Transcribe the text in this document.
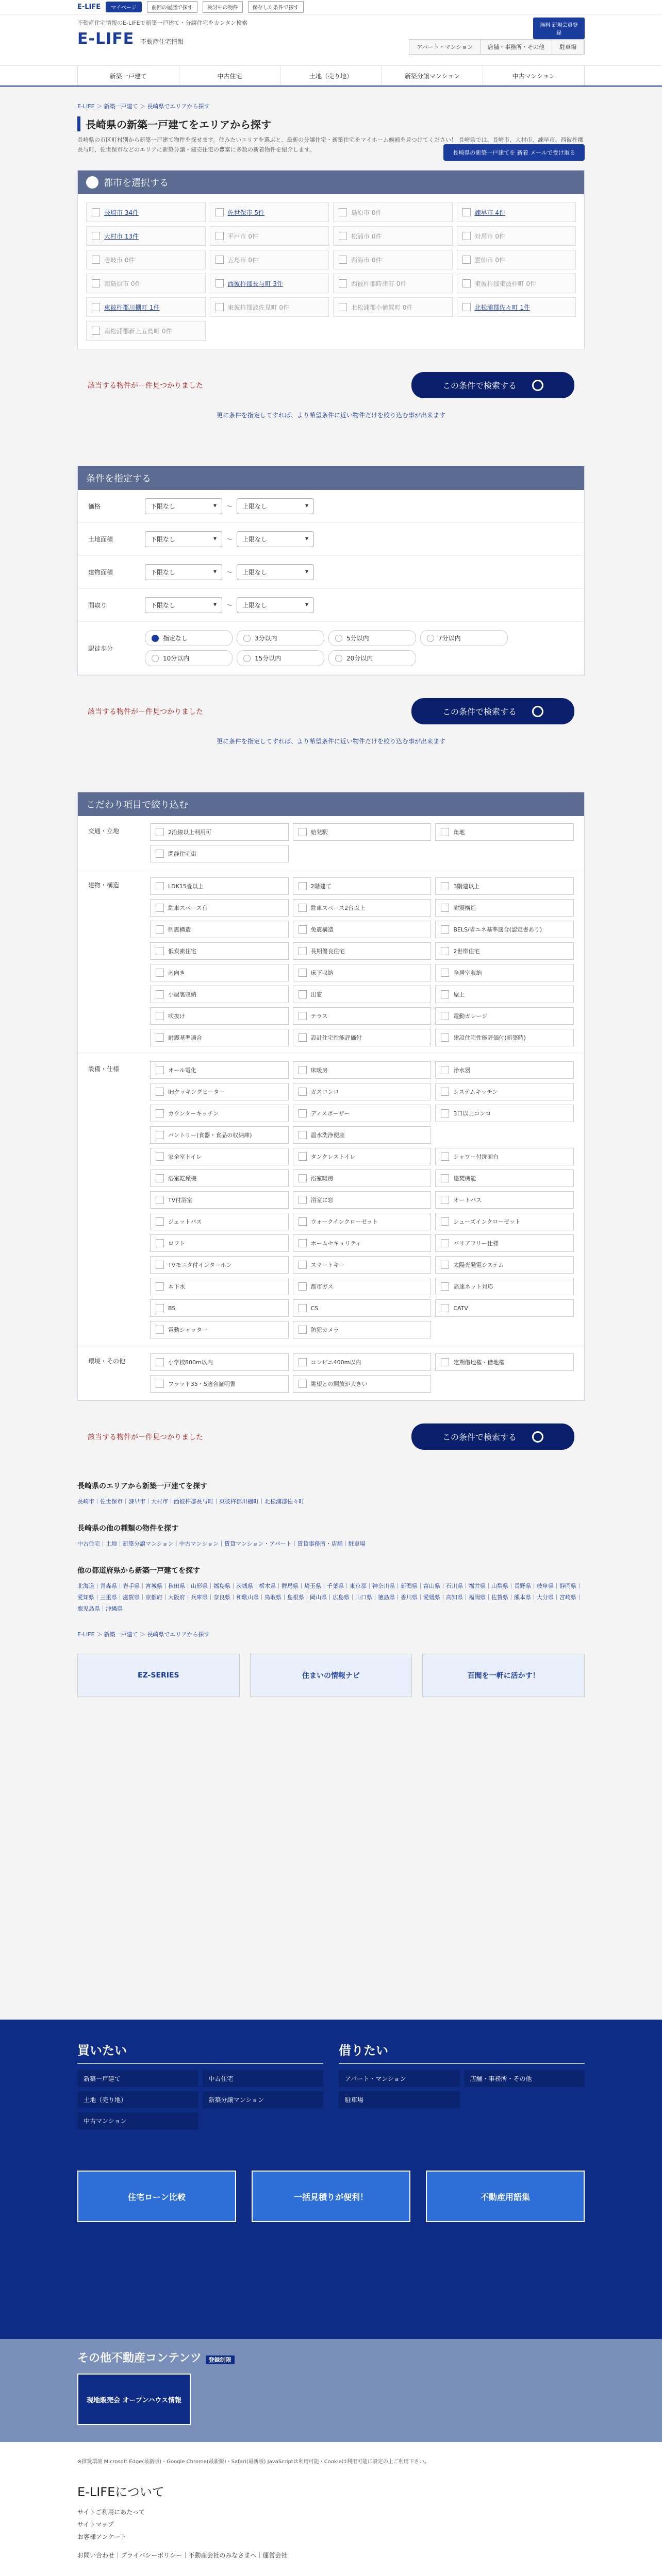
E-LIFE	マイページ	前回の履歴で探す	検討中の物件	保存した条件で探す
不動産住宅情報のE-LIFEで新築一戸建て・分譲住宅をカンタン検索
E-LIFE 不動産住宅情報
無料 新規会員登録
アパート・マンション	店舗・事務所・その他	駐車場
新築一戸建て	中古住宅	土地（売り地）	新築分譲マンション	中古マンション
E-LIFE ＞ 新築一戸建て ＞ 長崎県でエリアから探す
長崎県の新築一戸建てをエリアから探す
長崎県の市区町村別から新築一戸建て物件を探せます。住みたいエリアを選ぶと、最新の分譲住宅・新築住宅をマイホーム候補を見つけてください！ 長崎県では、長崎市、大村市、諫早市、西彼杵郡長与町、佐世保市などのエリアに新築分譲・建売住宅の豊富に多数の新着物件を紹介します。	長崎県の新築一戸建てを 新着 メールで受け取る
都市を選択する
長崎市 34件	佐世保市 5件	島原市 0件	諫早市 4件
大村市 13件	平戸市 0件	松浦市 0件	対馬市 0件
壱岐市 0件	五島市 0件	西海市 0件	雲仙市 0件
南島原市 0件	西彼杵郡長与町 3件	西彼杵郡時津町 0件	東彼杵郡東彼杵町 0件
東彼杵郡川棚町 1件	東彼杵郡波佐見町 0件	北松浦郡小値賀町 0件	北松浦郡佐々町 1件
南松浦郡新上五島町 0件
該当する物件が－件見つかりました	この条件で検索する
更に条件を指定してすれば、より希望条件に近い物件だけを絞り込む事が出来ます
条件を指定する
価格	下限なし	▾ ～ 上限なし	▾
土地面積	下限なし	▾ ～ 上限なし	▾
建物面積	下限なし	▾ ～ 上限なし	▾
間取り	下限なし	▾ ～ 上限なし	▾
駅徒歩分
指定なし	3分以内	5分以内	7分以内
10分以内	15分以内	20分以内
該当する物件が－件見つかりました	この条件で検索する
更に条件を指定してすれば、より希望条件に近い物件だけを絞り込む事が出来ます
こだわり項目で絞り込む
交通・立地	2沿線以上利用可	始発駅	角地
閑静住宅街
建物・構造	LDK15畳以上	2階建て	3階建以上
駐車スペース有	駐車スペース2台以上	耐震構造
制震構造	免震構造	BELS/省エネ基準適合(認定書あり)
低炭素住宅	長期優良住宅	2世帯住宅
南向き	床下収納	全居室収納
小屋裏収納	出窓	屋上
吹抜け	テラス	電動ガレージ
耐震基準適合	設計住宅性能評価付	建設住宅性能評価付(新築時)
設備・仕様	オール電化	床暖房	浄水器
IHクッキングヒーター	ガスコンロ	システムキッチン
カウンターキッチン	ディスポーザー	3口以上コンロ
パントリー(食器・食品の収納庫)	温水洗浄便座
家全室トイレ	タンクレストイレ	シャワー付洗面台
浴室乾燥機	浴室暖房	追焚機能
TV付浴室	浴室に窓	オートバス
ジェットバス	ウォークインクローゼット	シューズインクローゼット
ロフト	ホームセキュリティ	バリアフリー仕様
TVモニタ付インターホン	スマートキー	太陽光発電システム
本下水	都市ガス	高速ネット対応
BS	CS	CATV
電動シャッター	防犯カメラ
環境・その他	小学校800m以内	コンビニ400m以内	定期借地権・借地権
フラット35・S適合証明書	眺望との開放が大きい
該当する物件が－件見つかりました	この条件で検索する
長崎県のエリアから新築一戸建てを探す
長崎市｜佐世保市｜諫早市｜大村市｜西彼杵郡長与町｜東彼杵郡川棚町｜北松浦郡佐々町
長崎県の他の種類の物件を探す
中古住宅｜土地｜新築分譲マンション｜中古マンション｜賃貸マンション・アパート｜賃貸事務所・店舗｜駐車場
他の都道府県から新築一戸建てを探す
北海道｜青森県｜岩手県｜宮城県｜秋田県｜山形県｜福島県｜茨城県｜栃木県｜群馬県｜埼玉県｜千葉県｜東京都｜神奈川県｜新潟県｜富山県｜石川県｜福井県｜山梨県｜長野県｜岐阜県｜静岡県｜愛知県｜三重県｜滋賀県｜京都府｜大阪府｜兵庫県｜奈良県｜和歌山県｜鳥取県｜島根県｜岡山県｜広島県｜山口県｜徳島県｜香川県｜愛媛県｜高知県｜福岡県｜佐賀県｜熊本県｜大分県｜宮崎県｜鹿児島県｜沖縄県
E-LIFE ＞ 新築一戸建て ＞ 長崎県でエリアから探す
EZ-SERIES	住まいの情報ナビ	百聞を一軒に活かす！
買いたい
新築一戸建て	中古住宅
土地（売り地）	新築分譲マンション
中古マンション
借りたい
アパート・マンション	店舗・事務所・その他
駐車場
住宅ローン比較	一括見積りが便利！	不動産用語集
その他不動産コンテンツ 登録制限
現地販売会 オープンハウス情報
※推奨環境 Microsoft Edge(最新版)・Google Chrome(最新版)・Safari(最新版) JavaScriptは利用可能・Cookieは利用可能に設定の上ご利用下さい。
E-LIFEについて
サイトご利用にあたって
サイトマップ
お客様アンケート
お問い合わせ｜プライバシーポリシー｜不動産会社のみなさまへ｜運営会社
